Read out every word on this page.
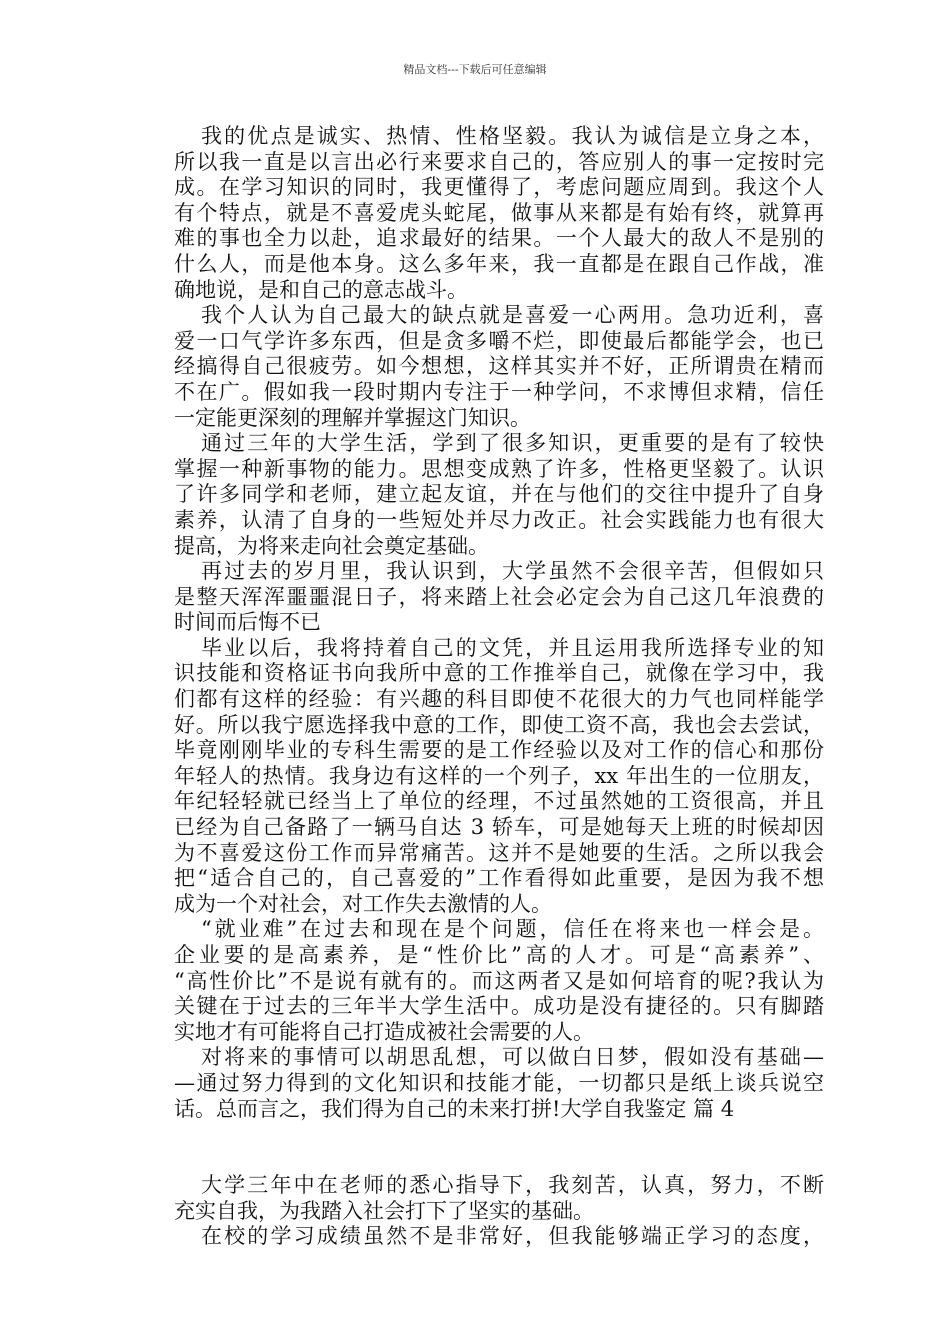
精品文档---下载后可任意编辑
我的优点是诚实、热情、性格坚毅。我认为诚信是立身之本，
所以我一直是以言出必行来要求自己的，答应别人的事一定按时完
成。在学习知识的同时，我更懂得了，考虑问题应周到。我这个人
有个特点，就是不喜爱虎头蛇尾，做事从来都是有始有终，就算再
难的事也全力以赴，追求最好的结果。一个人最大的敌人不是别的
什么人，而是他本身。这么多年来，我一直都是在跟自己作战，准
确地说，是和自己的意志战斗。
我个人认为自己最大的缺点就是喜爱一心两用。急功近利，喜
爱一口气学许多东西，但是贪多嚼不烂，即使最后都能学会，也已
经搞得自己很疲劳。如今想想，这样其实并不好，正所谓贵在精而
不在广。假如我一段时期内专注于一种学问，不求博但求精，信任
一定能更深刻的理解并掌握这门知识。
通过三年的大学生活，学到了很多知识，更重要的是有了较快
掌握一种新事物的能力。思想变成熟了许多，性格更坚毅了。认识
了许多同学和老师，建立起友谊，并在与他们的交往中提升了自身
素养，认清了自身的一些短处并尽力改正。社会实践能力也有很大
提高，为将来走向社会奠定基础。
再过去的岁月里，我认识到，大学虽然不会很辛苦，但假如只
是整天浑浑噩噩混日子，将来踏上社会必定会为自己这几年浪费的
时间而后悔不已
毕业以后，我将持着自己的文凭，并且运用我所选择专业的知
识技能和资格证书向我所中意的工作推举自己，就像在学习中，我
们都有这样的经验：有兴趣的科目即使不花很大的力气也同样能学
好。所以我宁愿选择我中意的工作，即使工资不高，我也会去尝试，
毕竟刚刚毕业的专科生需要的是工作经验以及对工作的信心和那份
年轻人的热情。我身边有这样的一个列子，xx 年出生的一位朋友，
年纪轻轻就已经当上了单位的经理，不过虽然她的工资很高，并且
已经为自己备路了一辆马自达 3 轿车，可是她每天上班的时候却因
为不喜爱这份工作而异常痛苦。这并不是她要的生活。之所以我会
把“适合自己的，自己喜爱的”工作看得如此重要，是因为我不想
成为一个对社会，对工作失去激情的人。
“就业难”在过去和现在是个问题，信任在将来也一样会是。
企业要的是高素养，是“性价比”高的人才。可是“高素养”、
“高性价比”不是说有就有的。而这两者又是如何培育的呢?我认为
关键在于过去的三年半大学生活中。成功是没有捷径的。只有脚踏
实地才有可能将自己打造成被社会需要的人。
对将来的事情可以胡思乱想，可以做白日梦，假如没有基础—
—通过努力得到的文化知识和技能才能，一切都只是纸上谈兵说空
话。总而言之，我们得为自己的未来打拼!大学自我鉴定 篇 4
大学三年中在老师的悉心指导下，我刻苦，认真，努力，不断
充实自我，为我踏入社会打下了坚实的基础。
在校的学习成绩虽然不是非常好，但我能够端正学习的态度，
